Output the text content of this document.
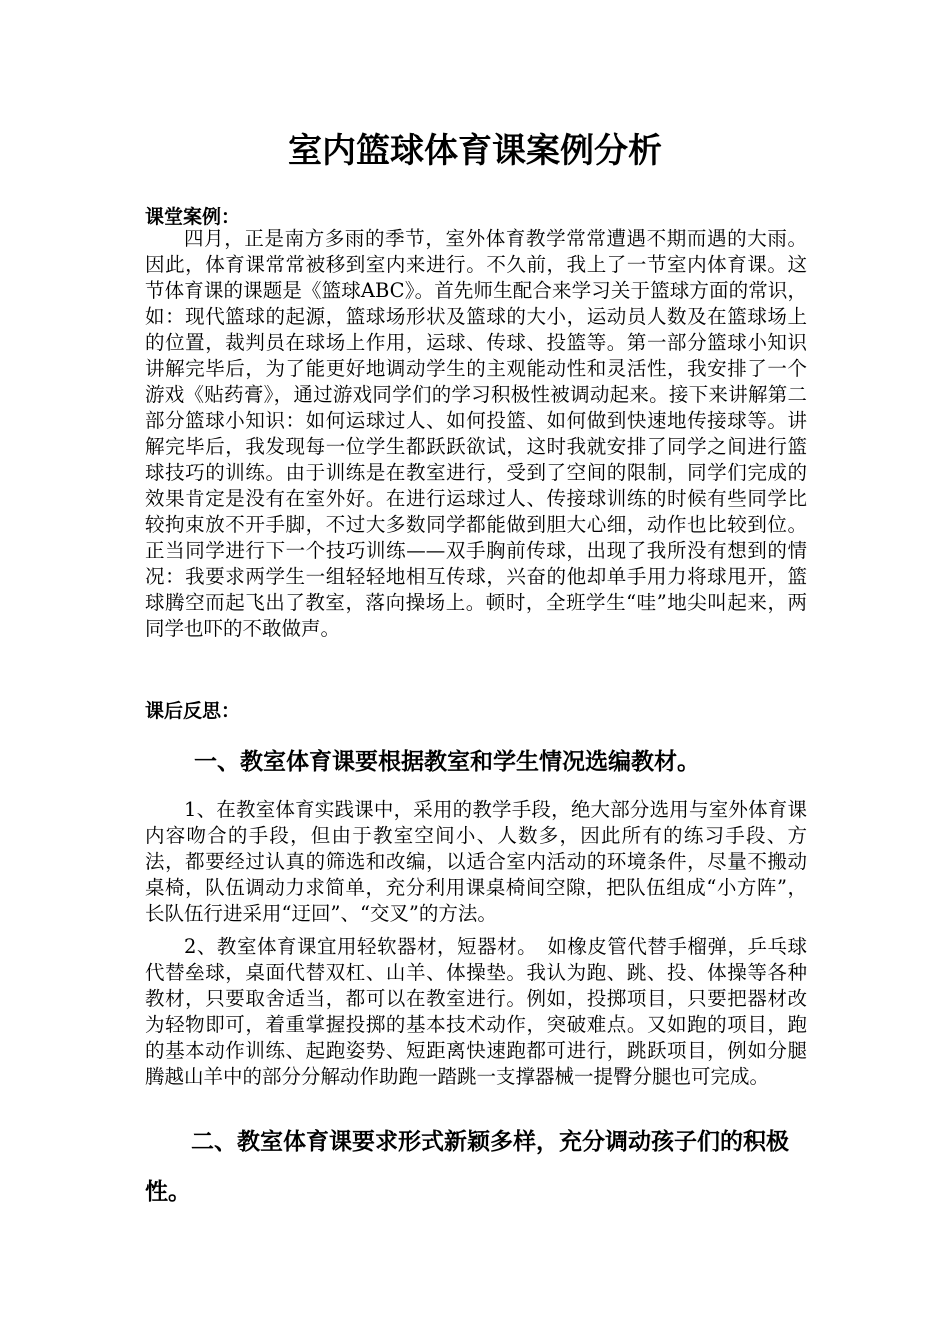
室内篮球体育课案例分析

课堂案例：

四月，正是南方多雨的季节，室外体育教学常常遭遇不期而遇的大雨。因此，体育课常常被移到室内来进行。不久前，我上了一节室内体育课。这节体育课的课题是《篮球ABC》。首先师生配合来学习关于篮球方面的常识，如：现代篮球的起源，篮球场形状及篮球的大小，运动员人数及在篮球场上的位置，裁判员在球场上作用，运球、传球、投篮等。第一部分篮球小知识讲解完毕后，为了能更好地调动学生的主观能动性和灵活性，我安排了一个游戏《贴药膏》，通过游戏同学们的学习积极性被调动起来。接下来讲解第二部分篮球小知识：如何运球过人、如何投篮、如何做到快速地传接球等。讲解完毕后，我发现每一位学生都跃跃欲试，这时我就安排了同学之间进行篮球技巧的训练。由于训练是在教室进行，受到了空间的限制，同学们完成的效果肯定是没有在室外好。在进行运球过人、传接球训练的时候有些同学比较拘束放不开手脚，不过大多数同学都能做到胆大心细，动作也比较到位。正当同学进行下一个技巧训练——双手胸前传球，出现了我所没有想到的情况：我要求两学生一组轻轻地相互传球，兴奋的他却单手用力将球甩开，篮球腾空而起飞出了教室，落向操场上。顿时，全班学生“哇”地尖叫起来，两同学也吓的不敢做声。

课后反思：

一、教室体育课要根据教室和学生情况选编教材。

1、在教室体育实践课中，采用的教学手段，绝大部分选用与室外体育课内容吻合的手段，但由于教室空间小、人数多，因此所有的练习手段、方法，都要经过认真的筛选和改编，以适合室内活动的环境条件，尽量不搬动桌椅，队伍调动力求简单，充分利用课桌椅间空隙，把队伍组成“小方阵”，长队伍行进采用“迂回”、“交叉”的方法。

2、教室体育课宜用轻软器材，短器材。　如橡皮管代替手榴弹，乒乓球代替垒球，桌面代替双杠、山羊、体操垫。我认为跑、跳、投、体操等各种教材，只要取舍适当，都可以在教室进行。例如，投掷项目，只要把器材改为轻物即可，着重掌握投掷的基本技术动作，突破难点。又如跑的项目，跑的基本动作训练、起跑姿势、短距离快速跑都可进行，跳跃项目，例如分腿腾越山羊中的部分分解动作助跑一踏跳一支撑器械一提臀分腿也可完成。

二、教室体育课要求形式新颖多样，充分调动孩子们的积极性。
